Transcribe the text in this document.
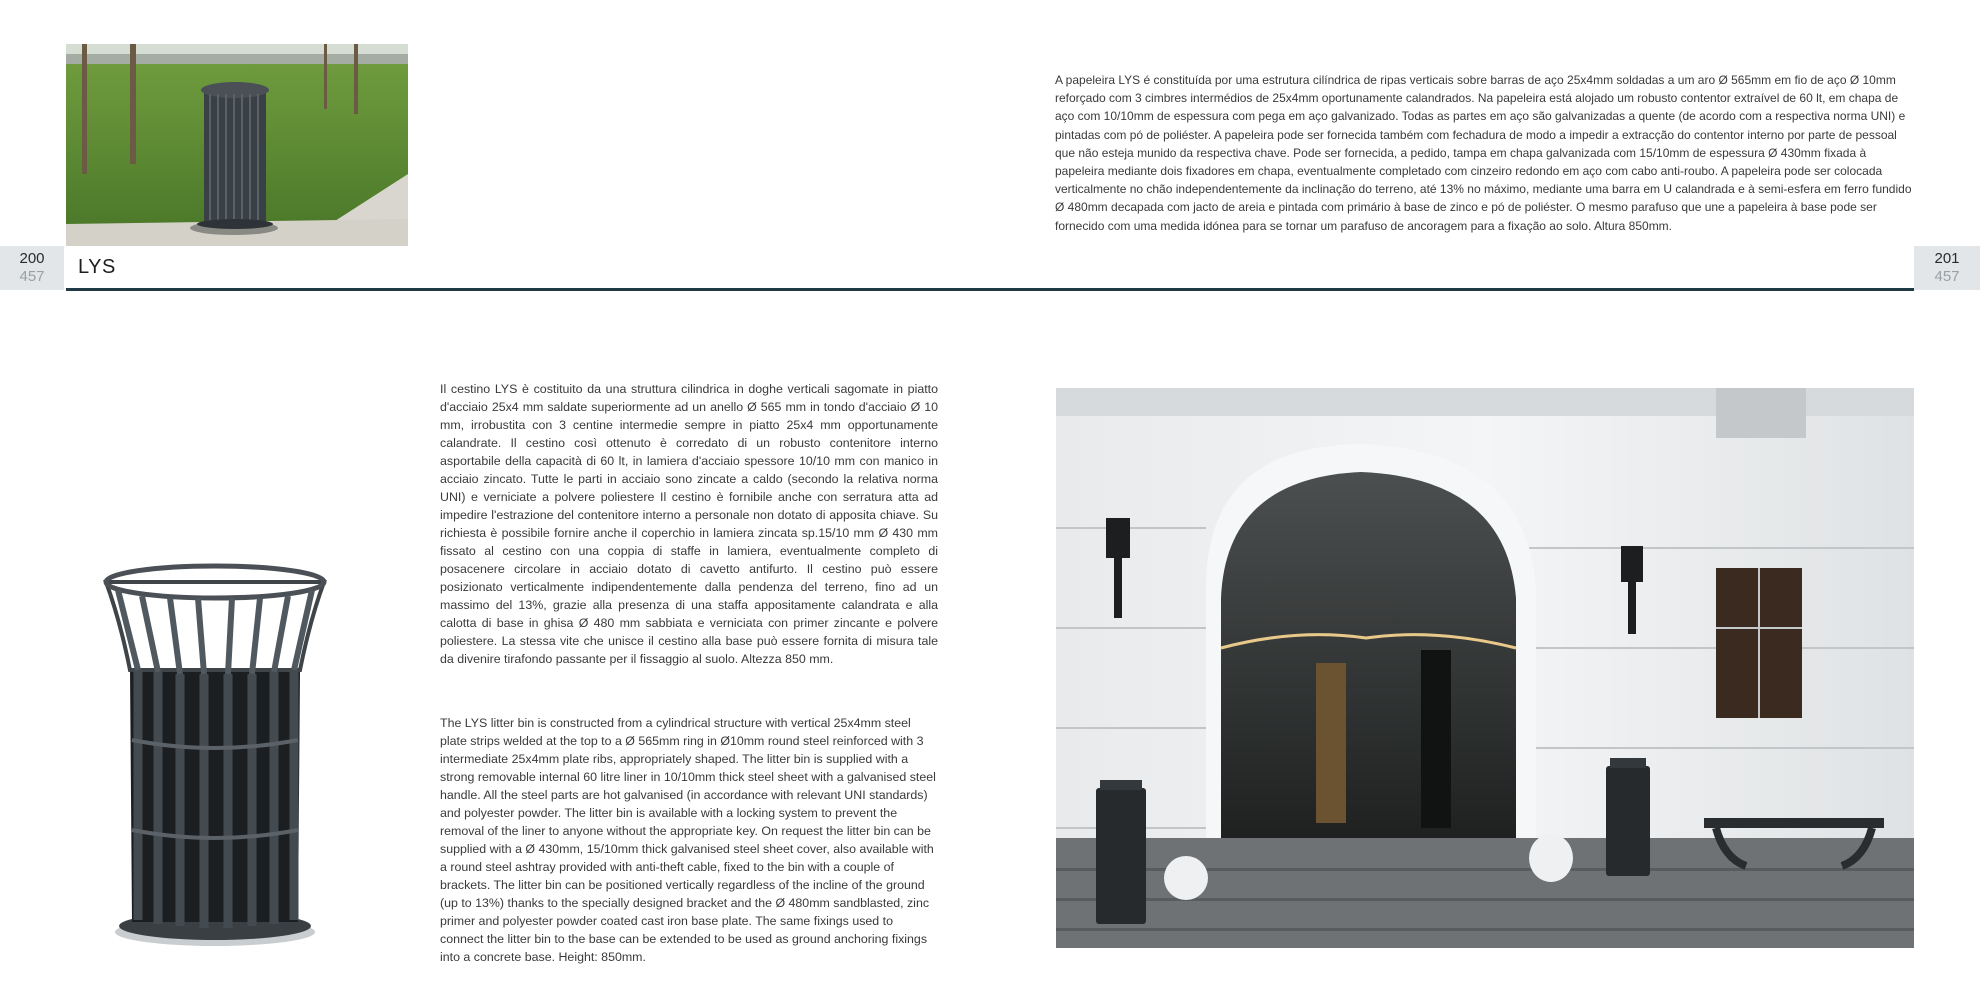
200
457
201
457
LYS
A papeleira LYS é constituída por uma estrutura cilíndrica de ripas verticais sobre barras de aço 25x4mm soldadas a um aro Ø 565mm em fio de aço Ø 10mm reforçado com 3 cimbres intermédios de 25x4mm oportunamente calandrados. Na papeleira está alojado um robusto contentor extraível de 60 lt, em chapa de aço com 10/10mm de espessura com pega em aço galvanizado. Todas as partes em aço são galvanizadas a quente (de acordo com a respectiva norma UNI) e pintadas com pó de poliéster. A papeleira pode ser fornecida também com fechadura de modo a impedir a extracção do contentor interno por parte de pessoal que não esteja munido da respectiva chave. Pode ser fornecida, a pedido, tampa em chapa galvanizada com 15/10mm de espessura Ø 430mm fixada à papeleira mediante dois fixadores em chapa, eventualmente completado com cinzeiro redondo em aço com cabo anti-roubo. A papeleira pode ser colocada verticalmente no chão independentemente da inclinação do terreno, até 13% no máximo, mediante uma barra em U calandrada e à semi-esfera em ferro fundido Ø 480mm decapada com jacto de areia e pintada com primário à base de zinco e pó de poliéster. O mesmo parafuso que une a papeleira à base pode ser fornecido com uma medida idónea para se tornar um parafuso de ancoragem para a fixação ao solo. Altura 850mm.
Il cestino LYS è costituito da una struttura cilindrica in doghe verticali sagomate in piatto d'acciaio 25x4 mm saldate superiormente ad un anello Ø 565 mm in tondo d'acciaio Ø 10 mm, irrobustita con 3 centine intermedie sempre in piatto 25x4 mm opportunamente calandrate. Il cestino così ottenuto è corredato di un robusto contenitore interno asportabile della capacità di 60 lt, in lamiera d'acciaio spessore 10/10 mm con manico in acciaio zincato. Tutte le parti in acciaio sono zincate a caldo (secondo la relativa norma UNI) e verniciate a polvere poliestere Il cestino è fornibile anche con serratura atta ad impedire l'estrazione del contenitore interno a personale non dotato di apposita chiave. Su richiesta è possibile fornire anche il coperchio in lamiera zincata sp.15/10 mm Ø 430 mm fissato al cestino con una coppia di staffe in lamiera, eventualmente completo di posacenere circolare in acciaio dotato di cavetto antifurto. Il cestino può essere posizionato verticalmente indipendentemente dalla pendenza del terreno, fino ad un massimo del 13%, grazie alla presenza di una staffa appositamente calandrata e alla calotta di base in ghisa Ø 480 mm sabbiata e verniciata con primer zincante e polvere poliestere. La stessa vite che unisce il cestino alla base può essere fornita di misura tale da divenire tirafondo passante per il fissaggio al suolo. Altezza 850 mm.
The LYS litter bin is constructed from a cylindrical structure with vertical 25x4mm steel plate strips welded at the top to a Ø 565mm ring in Ø10mm round steel reinforced with 3 intermediate 25x4mm plate ribs, appropriately shaped. The litter bin is supplied with a strong removable internal 60 litre liner in 10/10mm thick steel sheet with a galvanised steel handle. All the steel parts are hot galvanised (in accordance with relevant UNI standards) and polyester powder. The litter bin is available with a locking system to prevent the removal of the liner to anyone without the appropriate key. On request the litter bin can be supplied with a Ø 430mm, 15/10mm thick galvanised steel sheet cover, also available with a round steel ashtray provided with anti-theft cable, fixed to the bin with a couple of brackets. The litter bin can be positioned vertically regardless of the incline of the ground (up to 13%) thanks to the specially designed bracket and the Ø 480mm sandblasted, zinc primer and polyester powder coated cast iron base plate. The same fixings used to connect the litter bin to the base can be extended to be used as ground anchoring fixings into a concrete base. Height: 850mm.
